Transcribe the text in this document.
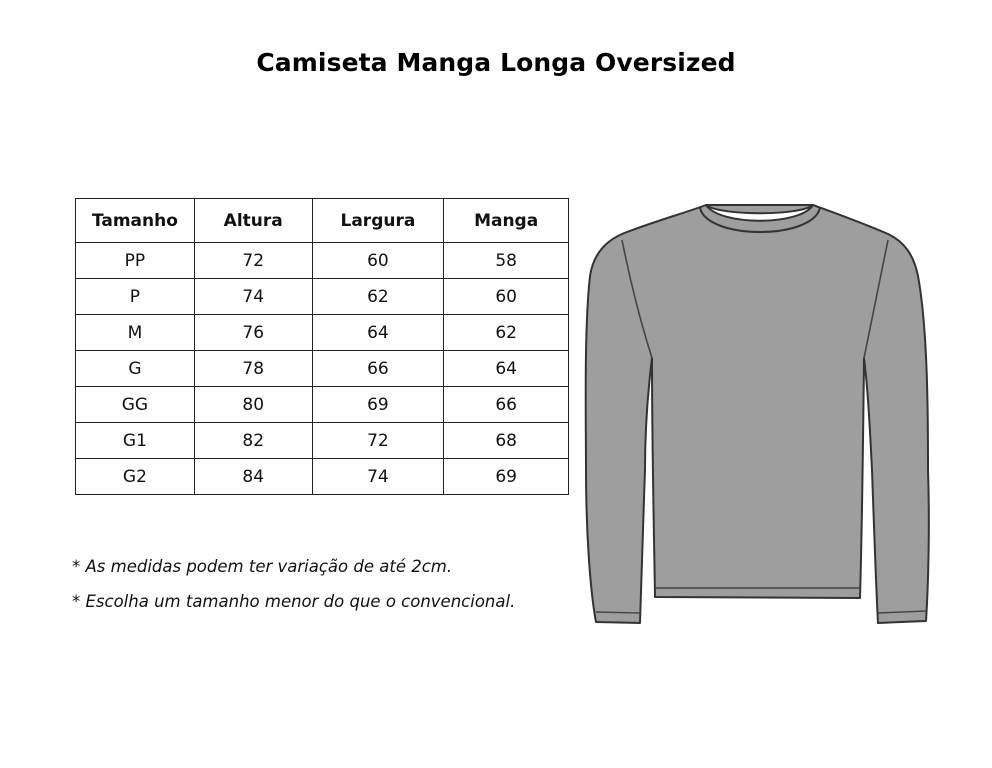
Camiseta Manga Longa Oversized
Tamanho	Altura	Largura	Manga
PP	72	60	58
P	74	62	60
M	76	64	62
G	78	66	64
GG	80	69	66
G1	82	72	68
G2	84	74	69

* As medidas podem ter variação de até 2cm.

* Escolha um tamanho menor do que o convencional.
